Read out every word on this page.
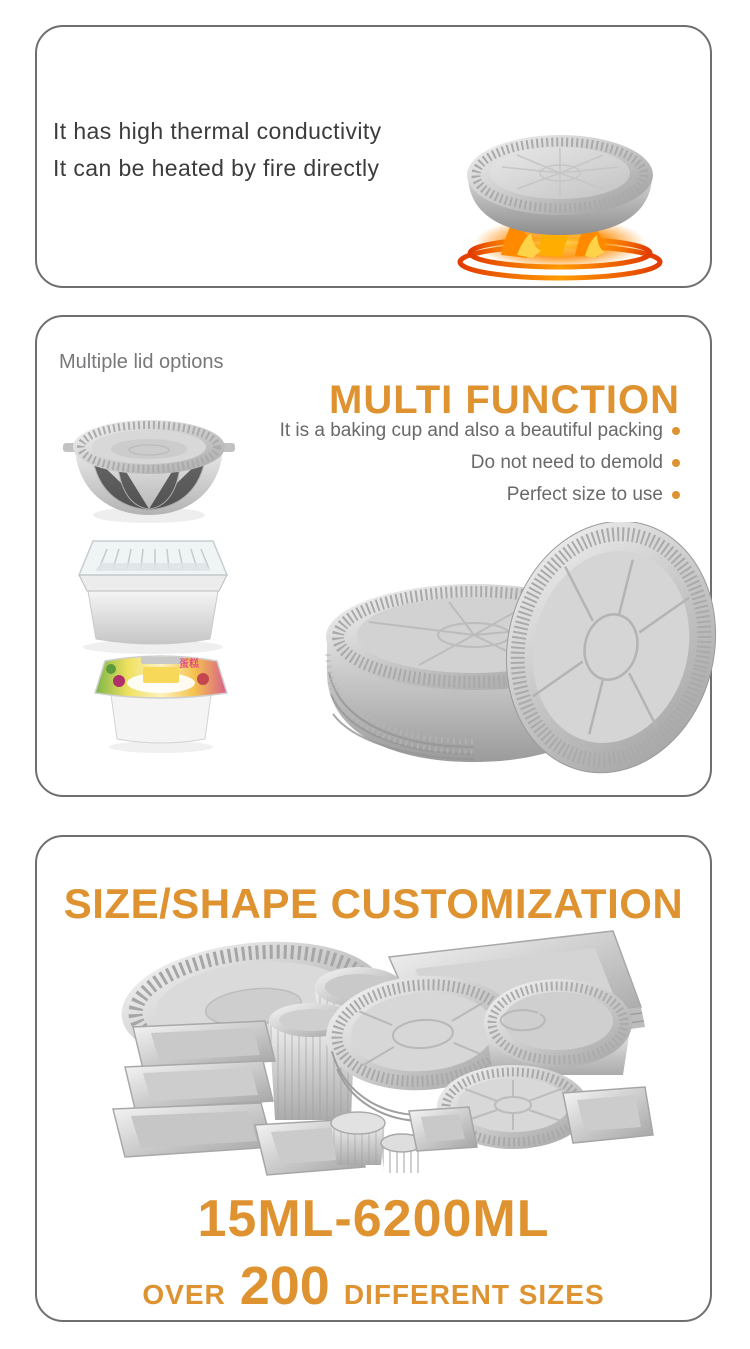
It has high thermal conductivity
It can be heated by fire directly
Multiple lid options
MULTI FUNCTION
It is a baking cup and also a beautiful packing
Do not need to demold
Perfect size to use
蛋糕
SIZE/SHAPE CUSTOMIZATION
15ML-6200ML
OVER 200 DIFFERENT SIZES
